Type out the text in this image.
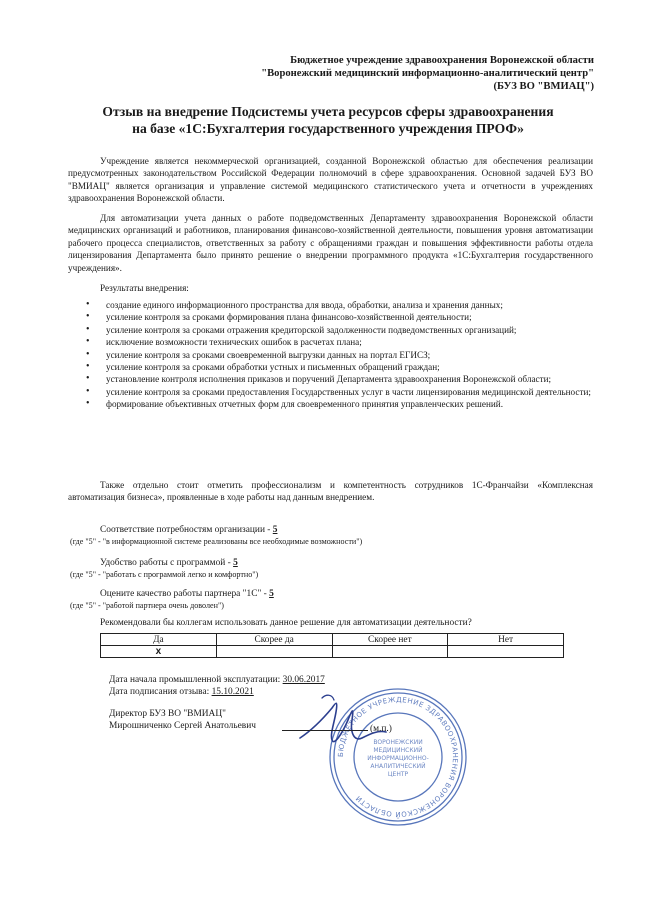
Бюджетное учреждение здравоохранения Воронежской области
"Воронежский медицинский информационно-аналитический центр"
(БУЗ ВО "ВМИАЦ")
Отзыв на внедрение Подсистемы учета ресурсов сферы здравоохранения
на базе «1С:Бухгалтерия государственного учреждения ПРОФ»
Учреждение является некоммерческой организацией, созданной Воронежской областью для обеспечения реализации предусмотренных законодательством Российской Федерации полномочий в сфере здравоохранения. Основной задачей БУЗ ВО "ВМИАЦ" является организация и управление системой медицинского статистического учета и отчетности в учреждениях здравоохранения Воронежской области.
Для автоматизации учета данных о работе подведомственных Департаменту здравоохранения Воронежской области медицинских организаций и работников, планирования финансово-хозяйственной деятельности, повышения уровня автоматизации рабочего процесса специалистов, ответственных за работу с обращениями граждан и повышения эффективности работы отдела лицензирования Департамента было принято решение о внедрении программного продукта «1С:Бухгалтерия государственного учреждения».
Результаты внедрения:
• создание единого информационного пространства для ввода, обработки, анализа и хранения данных;
• усиление контроля за сроками формирования плана финансово-хозяйственной деятельности;
• усиление контроля за сроками отражения кредиторской задолженности подведомственных организаций;
• исключение возможности технических ошибок в расчетах плана;
• усиление контроля за сроками своевременной выгрузки данных на портал ЕГИСЗ;
• усиление контроля за сроками обработки устных и письменных обращений граждан;
• установление контроля исполнения приказов и поручений Департамента здравоохранения Воронежской области;
• усиление контроля за сроками предоставления Государственных услуг в части лицензирования медицинской деятельности;
• формирование объективных отчетных форм для своевременного принятия управленческих решений.
Также отдельно стоит отметить профессионализм и компетентность сотрудников 1С-Франчайзи «Комплексная автоматизация бизнеса», проявленные в ходе работы над данным внедрением.
Соответствие потребностям организации - 5
(где "5" - "в информационной системе реализованы все необходимые возможности")
Удобство работы с программой - 5
(где "5" - "работать с программой легко и комфортно")
Оцените качество работы партнера "1С" - 5
(где "5" - "работой партнера очень доволен")
Рекомендовали бы коллегам использовать данное решение для автоматизации деятельности?
Да	Скорее да	Скорее нет	Нет
х			
Дата начала промышленной эксплуатации: 30.06.2017
Дата подписания отзыва: 15.10.2021
БЮДЖЕТНОЕ УЧРЕЖДЕНИЕ ЗДРАВООХРАНЕНИЯ ВОРОНЕЖСКОЙ ОБЛАСТИ
ВОРОНЕЖСКИЙ
МЕДИЦИНСКИЙ
ИНФОРМАЦИОННО-
АНАЛИТИЧЕСКИЙ
ЦЕНТР
Директор БУЗ ВО "ВМИАЦ"
Мирошниченко Сергей Анатольевич	(м.п.)
